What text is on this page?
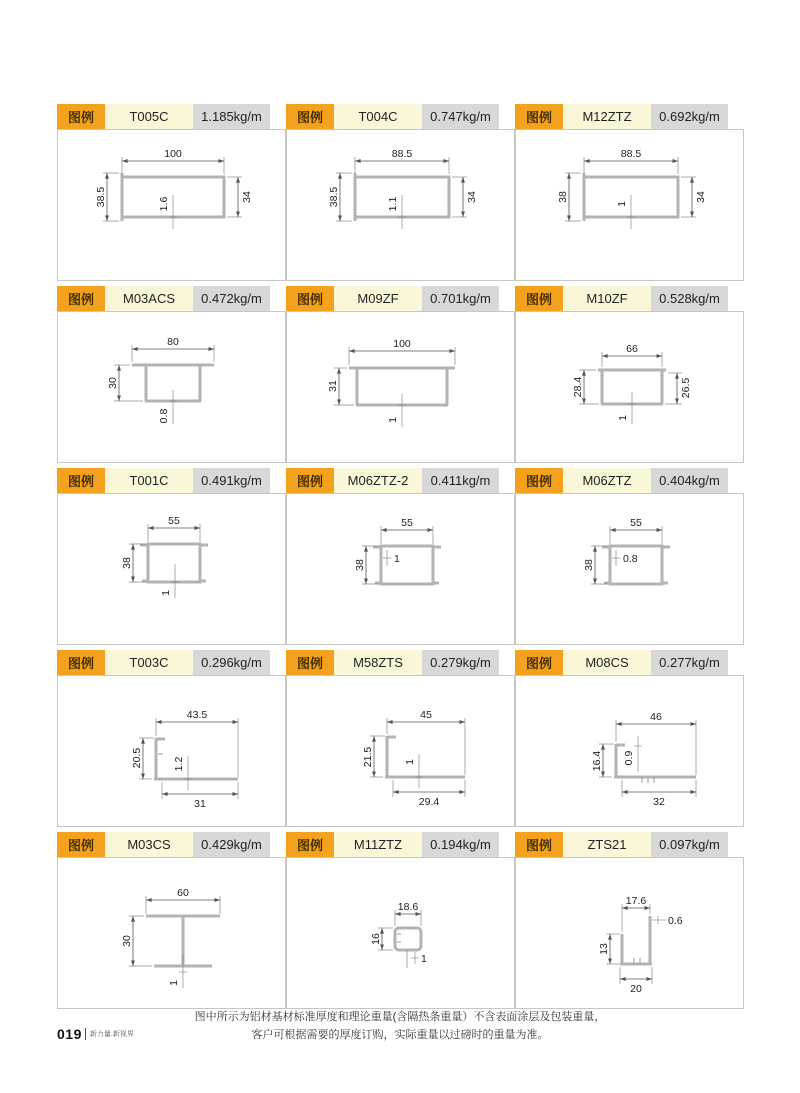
图例	T005C	1.185kg/m
100
38.5	34
1.6
图例	T004C	0.747kg/m
88.5
38.5	34
1.1
图例	M12ZTZ	0.692kg/m
88.5
38	34
1
图例	M03ACS	0.472kg/m
80
30
0.8
图例	M09ZF	0.701kg/m
100
31
1
图例	M10ZF	0.528kg/m
66
28.4	26.5
1
图例	T001C	0.491kg/m
55
38
1
图例	M06ZTZ-2	0.411kg/m
55
38	1
图例	M06ZTZ	0.404kg/m
55
38	0.8
图例	T003C	0.296kg/m
43.5
20.5	1.2
31
图例	M58ZTS	0.279kg/m
45
21.5	1
29.4
图例	M08CS	0.277kg/m
46
16.4 0.9
32
图例	M03CS	0.429kg/m
60
30
1
图例	M11ZTZ	0.194kg/m
18.6
16
1
图例	ZTS21	0.097kg/m
17.6
0.6
13
20
图中所示为铝材基材标准厚度和理论重量(含隔热条重量）不含表面涂层及包装重量，
客户可根据需要的厚度订购，实际重量以过磅时的重量为准。
019 新力量.新视界
